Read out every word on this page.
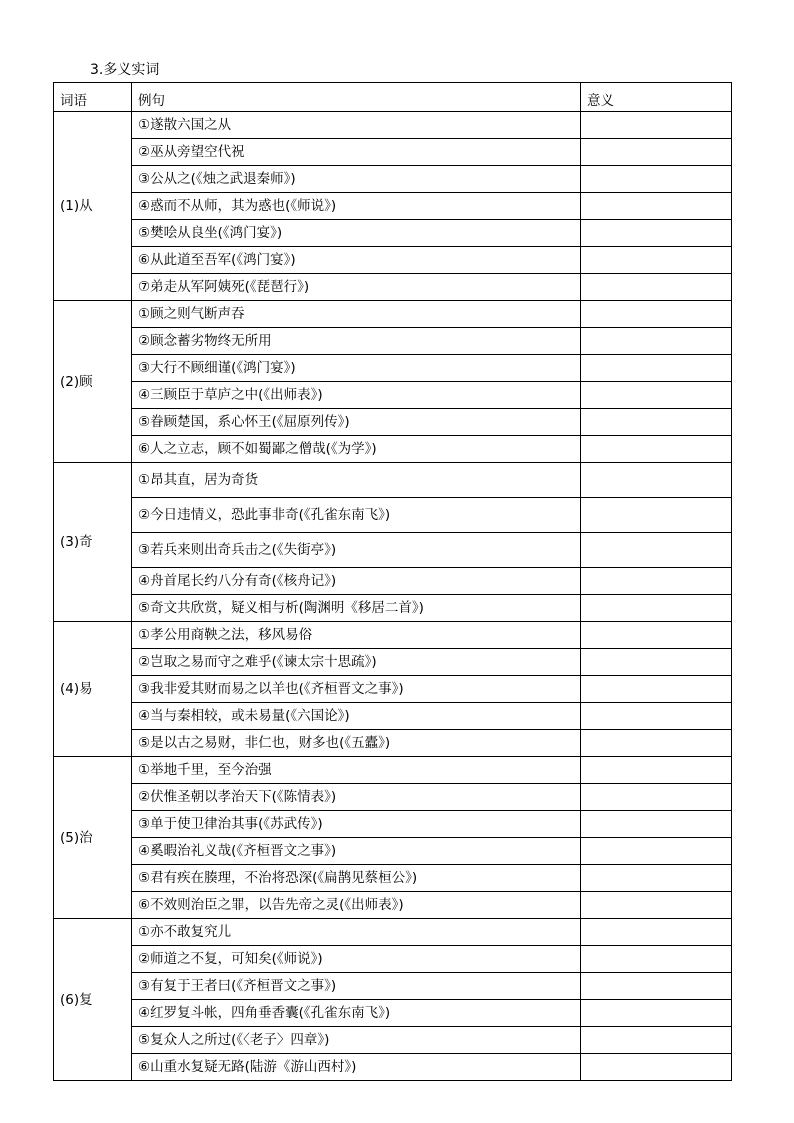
3.多义实词
词语	例句	意义
(1)从	①遂散六国之从	
	②巫从旁望空代祝	
	③公从之(《烛之武退秦师》)	
	④惑而不从师，其为惑也(《师说》)	
	⑤樊哙从良坐(《鸿门宴》)	
	⑥从此道至吾军(《鸿门宴》)	
	⑦弟走从军阿姨死(《琵琶行》)	
(2)顾	①顾之则气断声吞	
	②顾念蓄劣物终无所用	
	③大行不顾细谨(《鸿门宴》)	
	④三顾臣于草庐之中(《出师表》)	
	⑤眷顾楚国，系心怀王(《屈原列传》)	
	⑥人之立志，顾不如蜀鄙之僧哉(《为学》)	
(3)奇	①昂其直，居为奇货	
	②今日违情义，恐此事非奇(《孔雀东南飞》)	
	③若兵来则出奇兵击之(《失街亭》)	
	④舟首尾长约八分有奇(《核舟记》)	
	⑤奇文共欣赏，疑义相与析(陶渊明《移居二首》)	
(4)易	①孝公用商鞅之法，移风易俗	
	②岂取之易而守之难乎(《谏太宗十思疏》)	
	③我非爱其财而易之以羊也(《齐桓晋文之事》)	
	④当与秦相较，或未易量(《六国论》)	
	⑤是以古之易财，非仁也，财多也(《五蠹》)	
(5)治	①举地千里，至今治强	
	②伏惟圣朝以孝治天下(《陈情表》)	
	③单于使卫律治其事(《苏武传》)	
	④奚暇治礼义哉(《齐桓晋文之事》)	
	⑤君有疾在腠理，不治将恐深(《扁鹊见蔡桓公》)	
	⑥不效则治臣之罪，以告先帝之灵(《出师表》)	
(6)复	①亦不敢复究儿	
	②师道之不复，可知矣(《师说》)	
	③有复于王者曰(《齐桓晋文之事》)	
	④红罗复斗帐，四角垂香囊(《孔雀东南飞》)	
	⑤复众人之所过(《〈老子〉四章》)	
	⑥山重水复疑无路(陆游《游山西村》)	
